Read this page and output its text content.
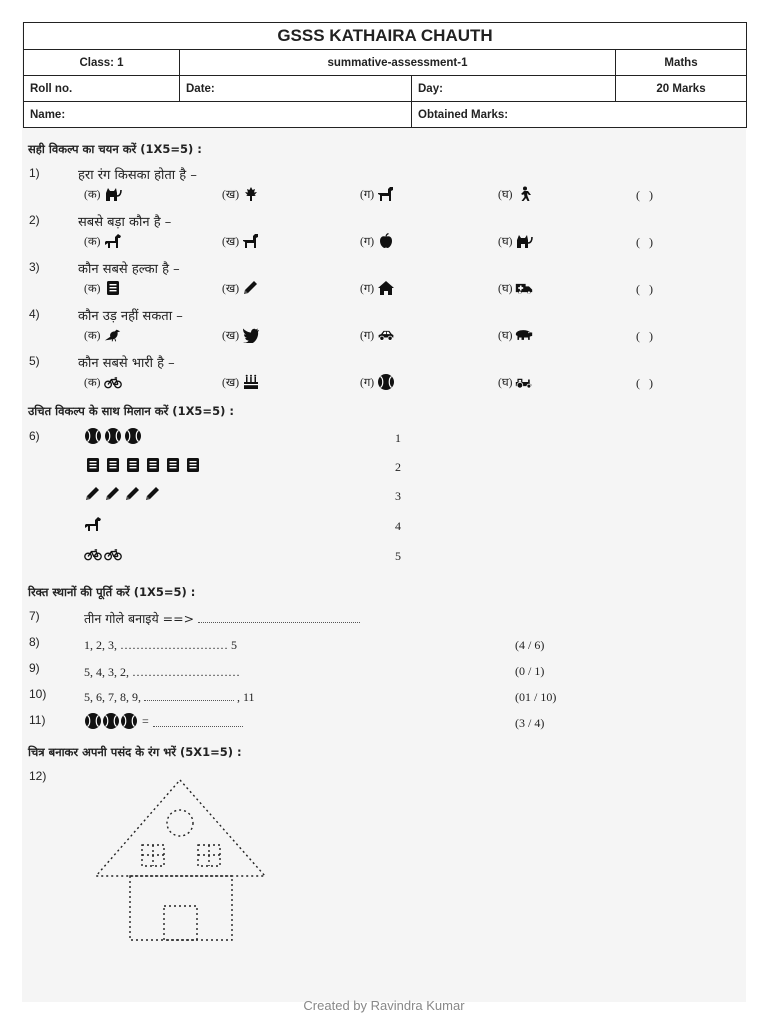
GSSS KATHAIRA CHAUTH
Class: 1	summative-assessment-1	Maths
Roll no.	Date:	Day:	20 Marks
Name:	Obtained Marks:
सही विकल्प का चयन करें (1X5=5) :
1)	हरा रंग किसका होता है –
(क)	(ख)	(ग)	(घ)	(   )
2)	सबसे बड़ा कौन है –
(क)	(ख)	(ग)	(घ)	(   )
3)	कौन सबसे हल्का है –
(क)	(ख)	(ग)	(घ)	(   )
4)	कौन उड़ नहीं सकता –
(क)	(ख)	(ग)	(घ)	(   )
5)	कौन सबसे भारी है –
(क)	(ख)	(ग)	(घ)	(   )
उचित विकल्प के साथ मिलान करें (1X5=5) :
6)	1
2
3
4
5
रिक्त स्थानों की पूर्ति करें (1X5=5) :
7)	तीन गोले बनाइये ==>
8)	1, 2, 3, ……………………… 5	(4 / 6)
9)	5, 4, 3, 2, ………………………	(0 / 1)
10)	5, 6, 7, 8, 9,	, 11	(01 / 10)
11)	=	(3 / 4)
चित्र बनाकर अपनी पसंद के रंग भरें (5X1=5) :
12)
Created by Ravindra Kumar
